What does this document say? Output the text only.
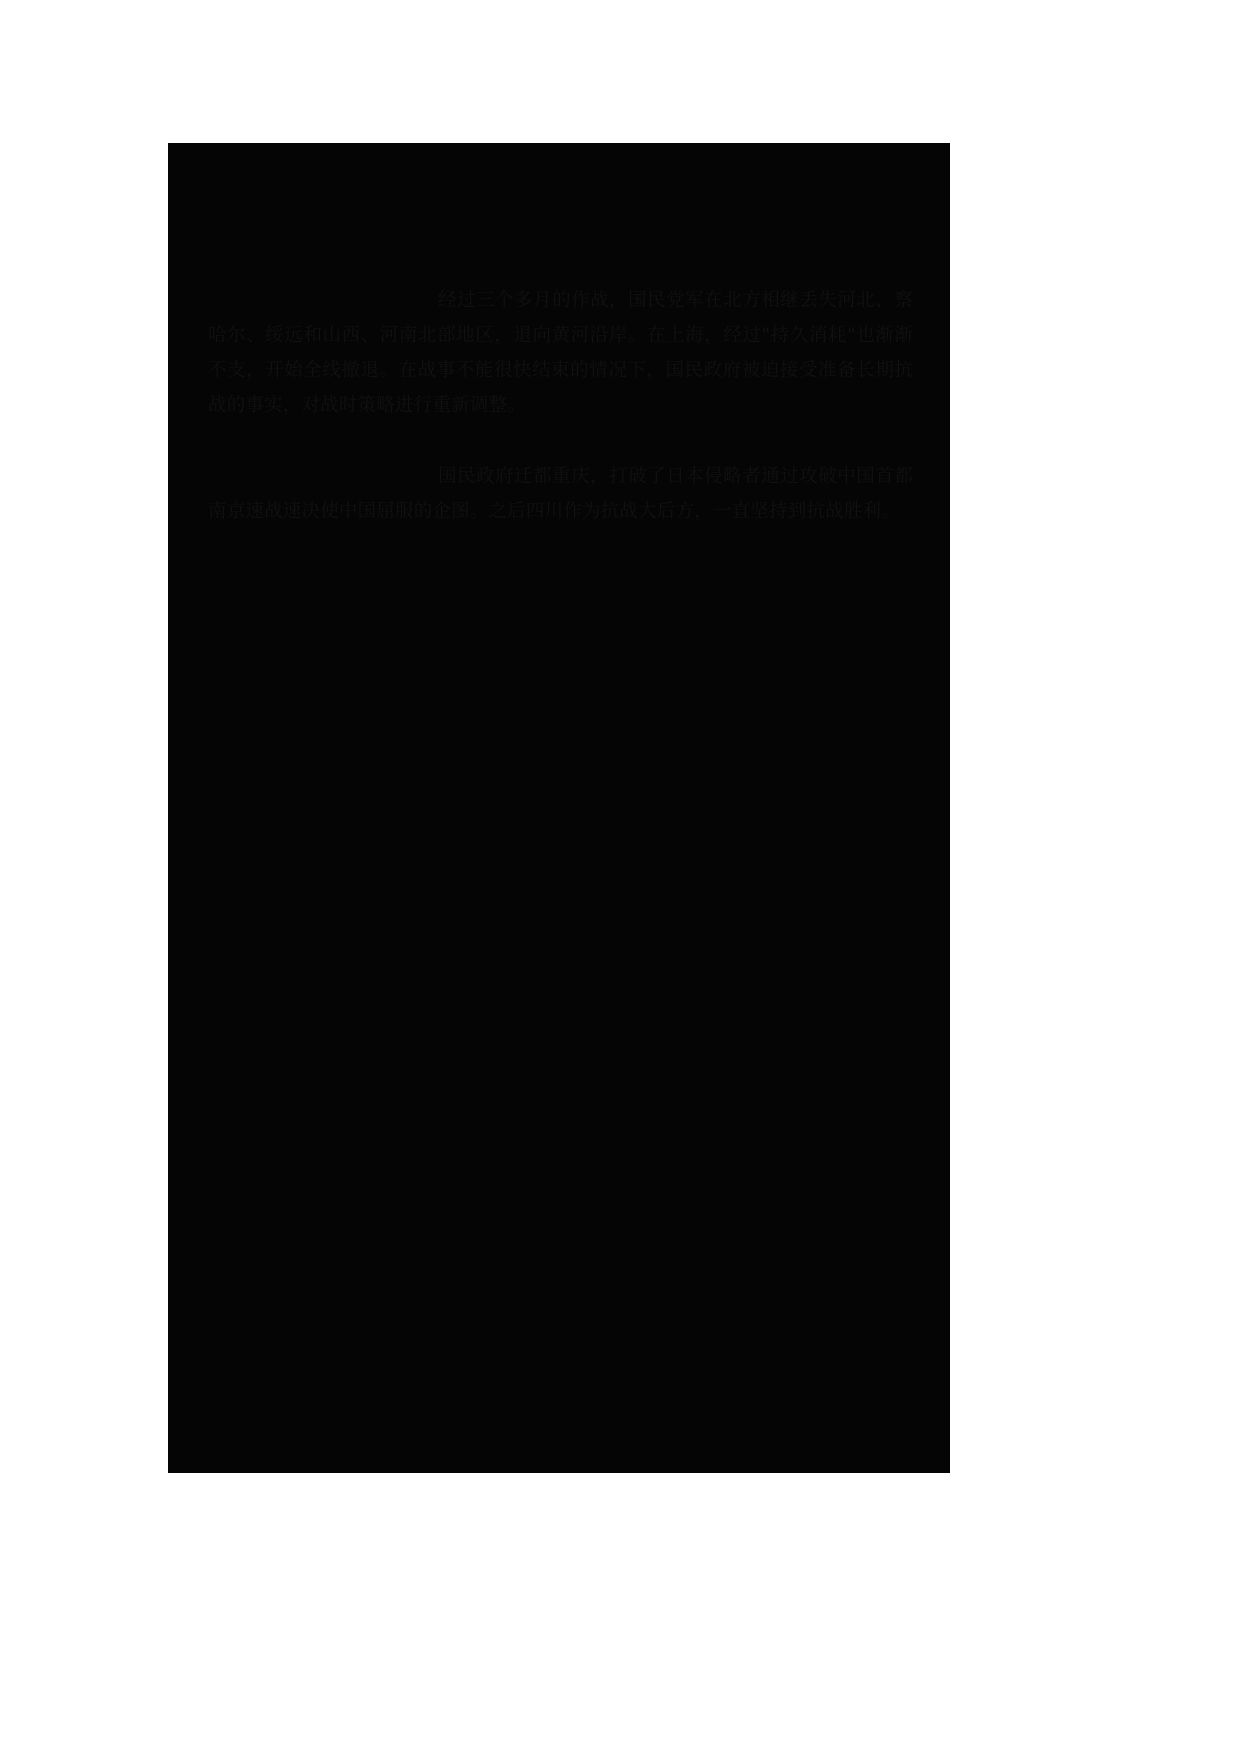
经过三个多月的作战，国民党军在北方相继丢失河北、察哈尔、绥远和山西、河南北部地区，退向黄河沿岸。在上海，经过"持久消耗"也渐渐不支，开始全线撤退。在战事不能很快结束的情况下，国民政府被迫接受准备长期抗战的事实，对战时策略进行重新调整。

国民政府迁都重庆，打破了日本侵略者通过攻破中国首都南京速战速决使中国屈服的企图。之后四川作为抗战大后方，一直坚持到抗战胜利。
